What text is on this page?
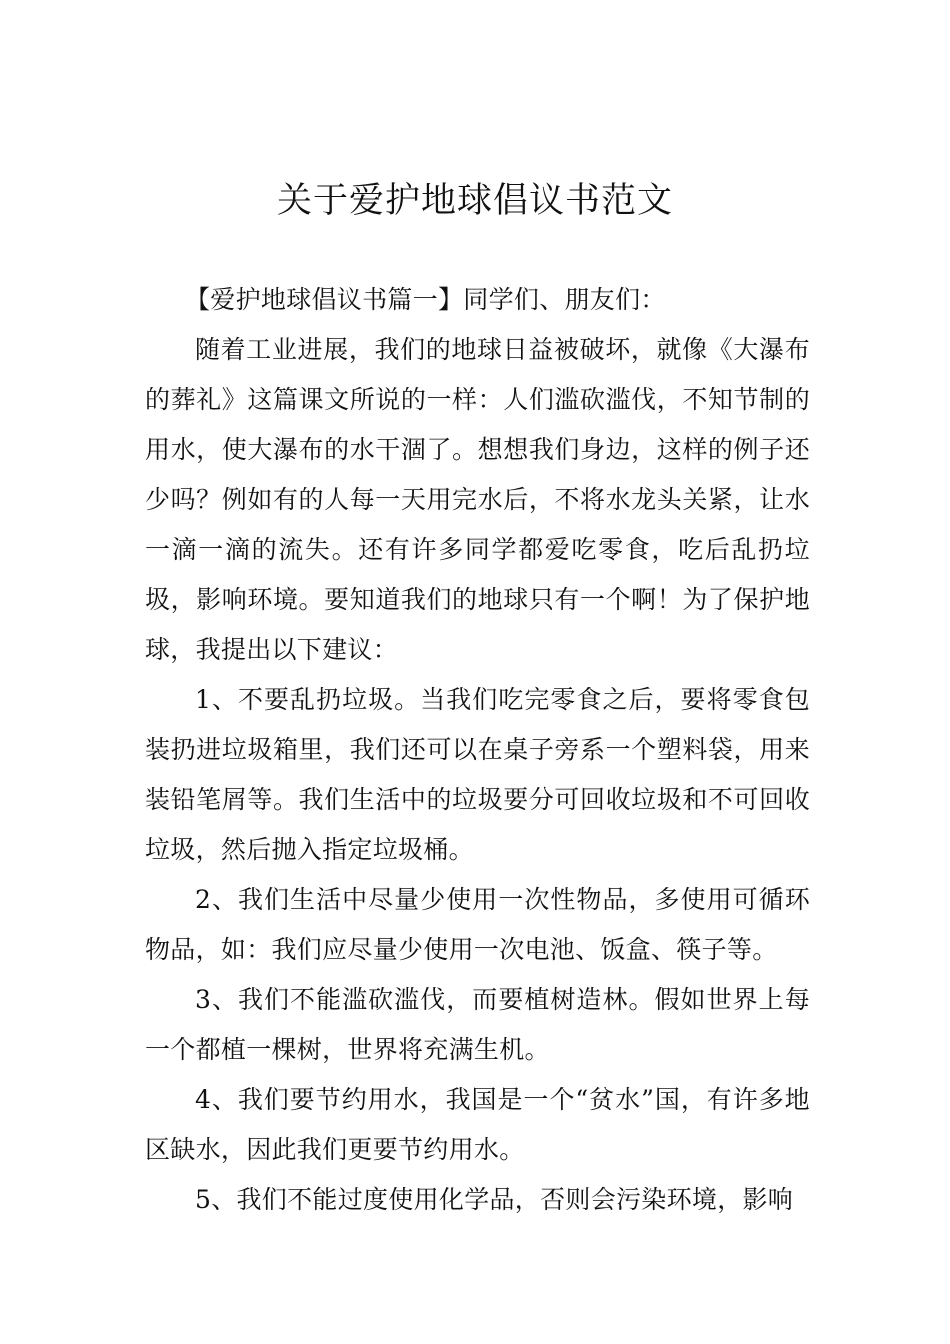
关于爱护地球倡议书范文

【爱护地球倡议书篇一】同学们、朋友们：

随着工业进展，我们的地球日益被破坏，就像《大瀑布的葬礼》这篇课文所说的一样：人们滥砍滥伐，不知节制的用水，使大瀑布的水干涸了。想想我们身边，这样的例子还少吗？例如有的人每一天用完水后，不将水龙头关紧，让水一滴一滴的流失。还有许多同学都爱吃零食，吃后乱扔垃圾，影响环境。要知道我们的地球只有一个啊！为了保护地球，我提出以下建议：

1、不要乱扔垃圾。当我们吃完零食之后，要将零食包装扔进垃圾箱里，我们还可以在桌子旁系一个塑料袋，用来装铅笔屑等。我们生活中的垃圾要分可回收垃圾和不可回收垃圾，然后抛入指定垃圾桶。

2、我们生活中尽量少使用一次性物品，多使用可循环物品，如：我们应尽量少使用一次电池、饭盒、筷子等。

3、我们不能滥砍滥伐，而要植树造林。假如世界上每一个都植一棵树，世界将充满生机。

4、我们要节约用水，我国是一个“贫水”国，有许多地区缺水，因此我们更要节约用水。

5、我们不能过度使用化学品，否则会污染环境，影响
